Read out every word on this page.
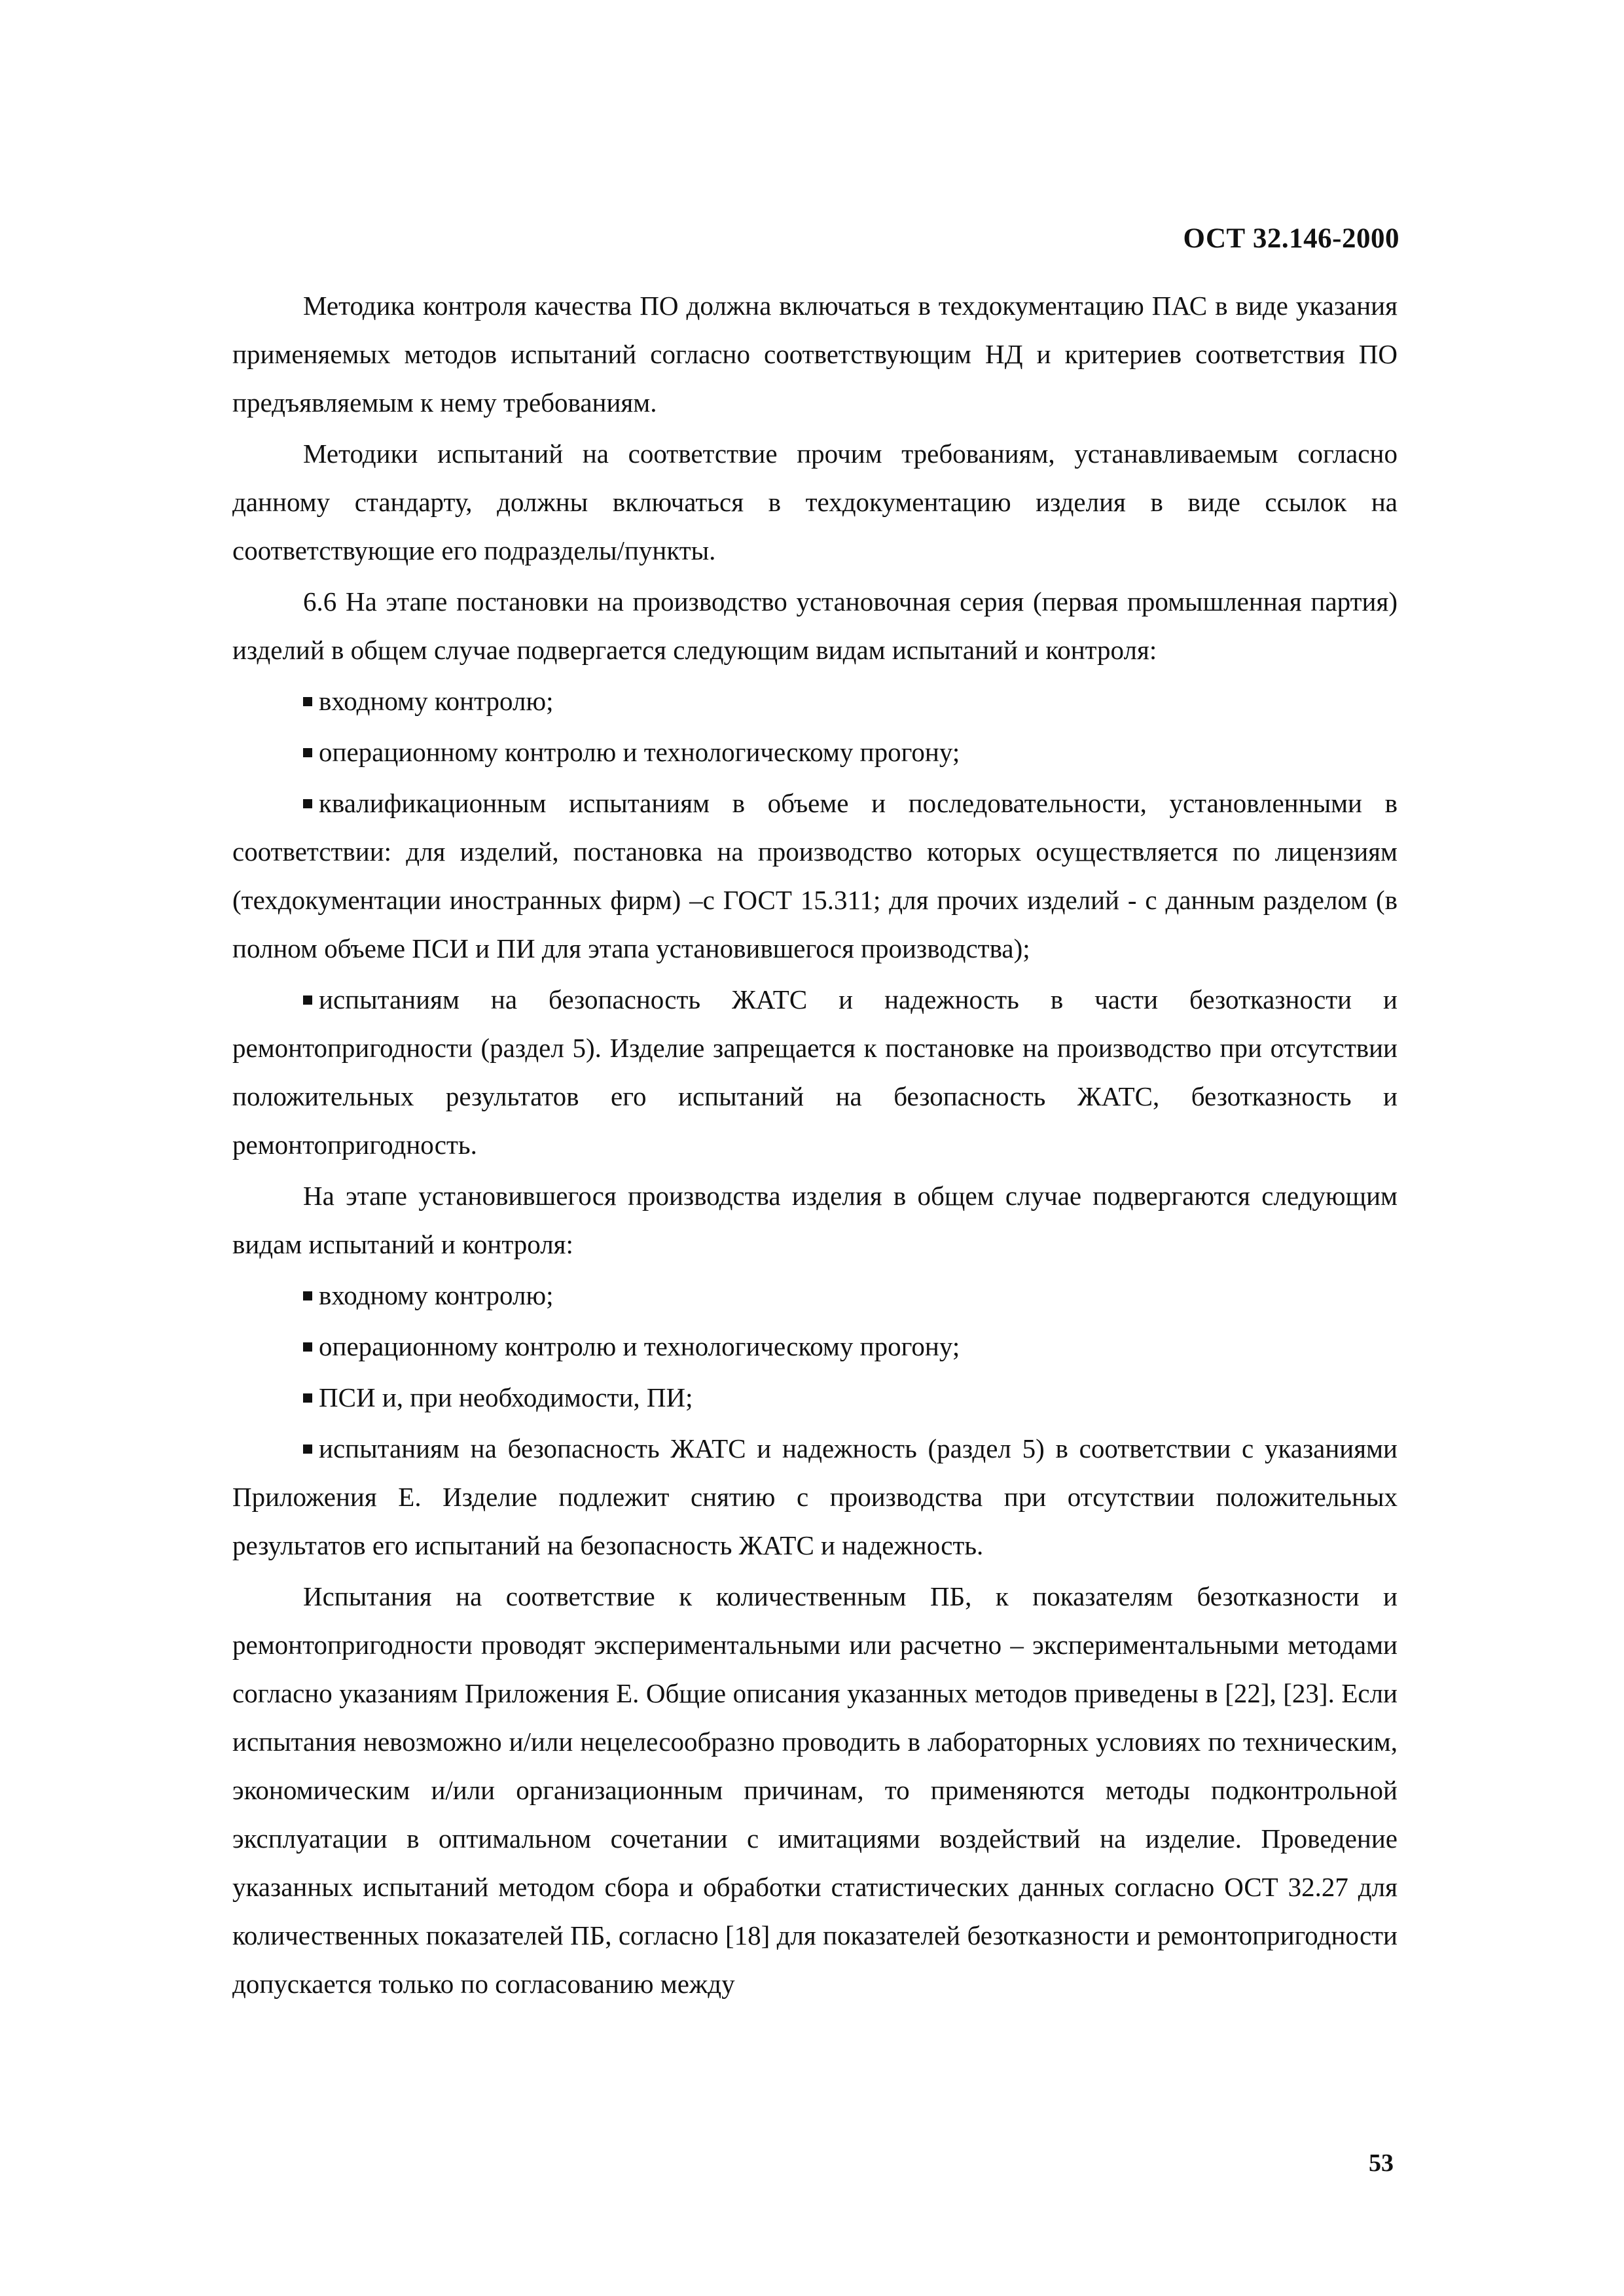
ОСТ 32.146-2000

Методика контроля качества ПО должна включаться в техдокументацию ПАС в виде указания применяемых методов испытаний согласно соответствующим НД и критериев соответствия ПО предъявляемым к нему требованиям.

Методики испытаний на соответствие прочим требованиям, устанавливаемым согласно данному стандарту, должны включаться в техдокументацию изделия в виде ссылок на соответствующие его подразделы/пункты.

6.6 На этапе постановки на производство установочная серия (первая промышленная партия) изделий в общем случае подвергается следующим видам испытаний и контроля:

входному контролю;

операционному контролю и технологическому прогону;

квалификационным испытаниям в объеме и последовательности, установленными в соответствии: для изделий, постановка на производство которых осуществляется по лицензиям (техдокументации иностранных фирм) –с ГОСТ 15.311; для прочих изделий - с данным разделом (в полном объеме ПСИ и ПИ для этапа установившегося производства);

испытаниям на безопасность ЖАТС и надежность в части безотказности и ремонтопригодности (раздел 5). Изделие запрещается к постановке на производство при отсутствии положительных результатов его испытаний на безопасность ЖАТС, безотказность и ремонтопригодность.

На этапе установившегося производства изделия в общем случае подвергаются следующим видам испытаний и контроля:

входному контролю;

операционному контролю и технологическому прогону;

ПСИ и, при необходимости, ПИ;

испытаниям на безопасность ЖАТС и надежность (раздел 5) в соответствии с указаниями Приложения Е. Изделие подлежит снятию с производства при отсутствии положительных результатов его испытаний на безопасность ЖАТС и надежность.

Испытания на соответствие к количественным ПБ, к показателям безотказности и ремонтопригодности проводят экспериментальными или расчетно – экспериментальными методами согласно указаниям Приложения Е. Общие описания указанных методов приведены в [22], [23]. Если испытания невозможно и/или нецелесообразно проводить в лабораторных условиях по техническим, экономическим и/или организационным причинам, то применяются методы подконтрольной эксплуатации в оптимальном сочетании с имитациями воздействий на изделие. Проведение указанных испытаний методом сбора и обработки статистических данных согласно ОСТ 32.27 для количественных показателей ПБ, согласно [18] для показателей безотказности и ремонтопригодности допускается только по согласованию между

53
